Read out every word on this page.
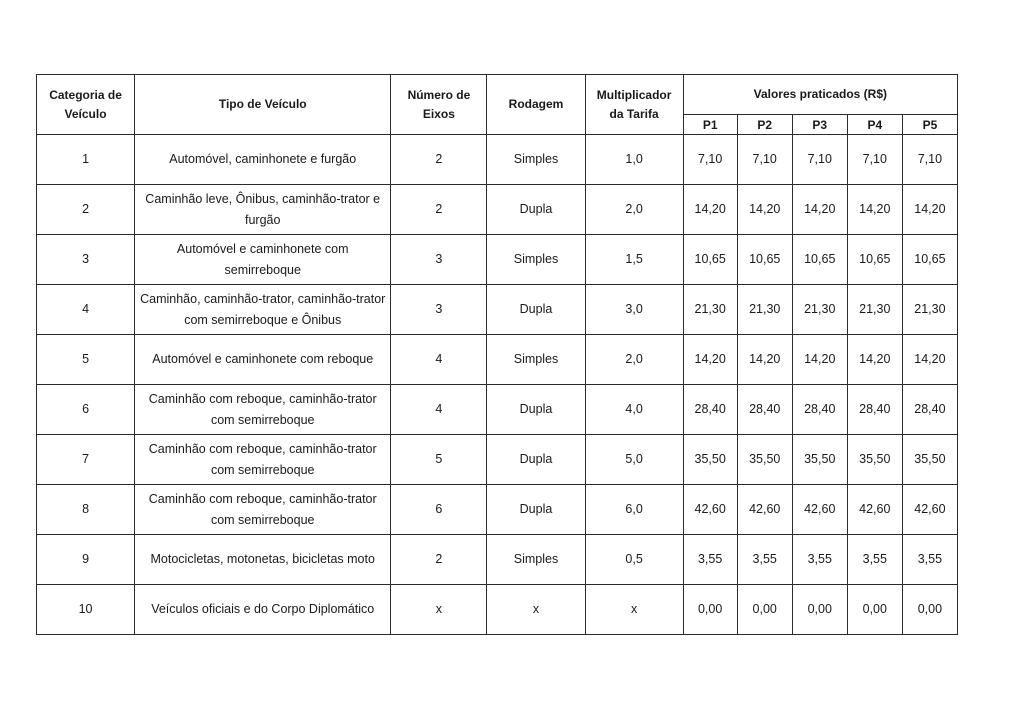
Categoria de Veículo	Tipo de Veículo	Número de Eixos	Rodagem	Multiplicador da Tarifa	Valores praticados (R$)				
					P1	P2	P3	P4	P5
1	Automóvel, caminhonete e furgão	2	Simples	1,0	7,10	7,10	7,10	7,10	7,10
2	Caminhão leve, Ônibus, caminhão-trator e furgão	2	Dupla	2,0	14,20	14,20	14,20	14,20	14,20
3	Automóvel e caminhonete com semirreboque	3	Simples	1,5	10,65	10,65	10,65	10,65	10,65
4	Caminhão, caminhão-trator, caminhão-trator com semirreboque e Ônibus	3	Dupla	3,0	21,30	21,30	21,30	21,30	21,30
5	Automóvel e caminhonete com reboque	4	Simples	2,0	14,20	14,20	14,20	14,20	14,20
6	Caminhão com reboque, caminhão-trator com semirreboque	4	Dupla	4,0	28,40	28,40	28,40	28,40	28,40
7	Caminhão com reboque, caminhão-trator com semirreboque	5	Dupla	5,0	35,50	35,50	35,50	35,50	35,50
8	Caminhão com reboque, caminhão-trator com semirreboque	6	Dupla	6,0	42,60	42,60	42,60	42,60	42,60
9	Motocicletas, motonetas, bicicletas moto	2	Simples	0,5	3,55	3,55	3,55	3,55	3,55
10	Veículos oficiais e do Corpo Diplomático	x	x	x	0,00	0,00	0,00	0,00	0,00
